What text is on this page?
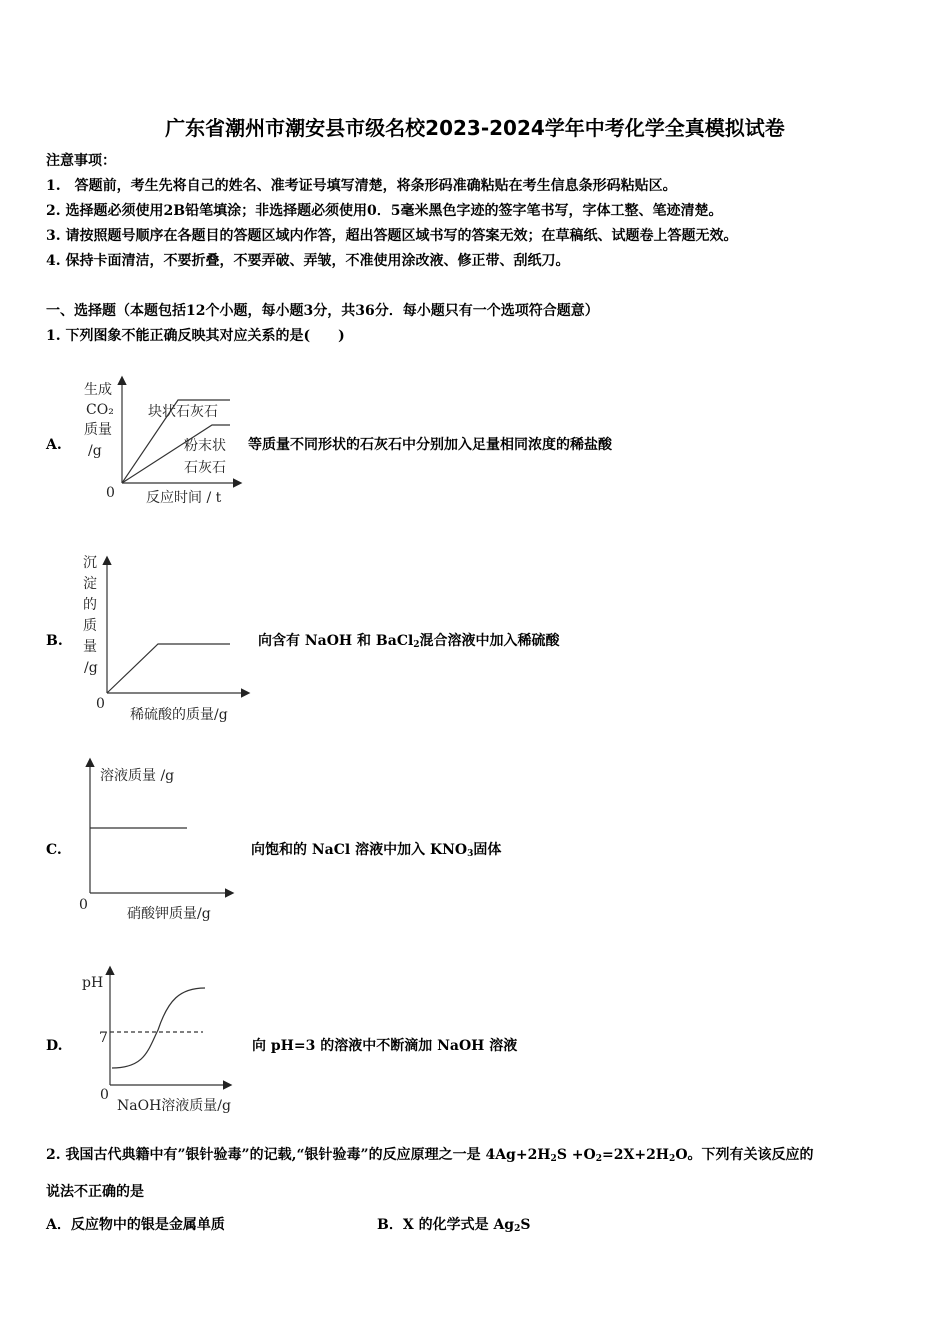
广东省潮州市潮安县市级名校2023-2024学年中考化学全真模拟试卷
注意事项：
1.　答题前，考生先将自己的姓名、准考证号填写清楚，将条形码准确粘贴在考生信息条形码粘贴区。
2. 选择题必须使用2B铅笔填涂；非选择题必须使用0．5毫米黑色字迹的签字笔书写，字体工整、笔迹清楚。
3. 请按照题号顺序在各题目的答题区域内作答，超出答题区域书写的答案无效；在草稿纸、试题卷上答题无效。
4. 保持卡面清洁，不要折叠，不要弄破、弄皱，不准使用涂改液、修正带、刮纸刀。
一、选择题（本题包括12个小题，每小题3分，共36分．每小题只有一个选项符合题意）
1. 下列图象不能正确反映其对应关系的是(　　)
A.	等质量不同形状的石灰石中分别加入足量相同浓度的稀盐酸
B.	向含有 NaOH 和 BaCl$_2$混合溶液中加入稀硫酸
C.	向饱和的 NaCl 溶液中加入 $KNO_3$固体
D.	向 pH=3 的溶液中不断滴加 NaOH 溶液
生成
CO₂
质量
/g
0 反应时间 / t
块状石灰石
粉末状
石灰石
沉
淀
的
质
量
/g
0
稀硫酸的质量/g
溶液质量 /g
0
硝酸钾质量/g
pH
7
0
NaOH溶液质量/g
2. 我国古代典籍中有”银针验毒”的记载,“银针验毒”的反应原理之一是 $4Ag+2H_2S +O_2=2X+2H_2O$。下列有关该反应的
说法不正确的是
A．反应物中的银是金属单质	B．X 的化学式是 $Ag_2S$
